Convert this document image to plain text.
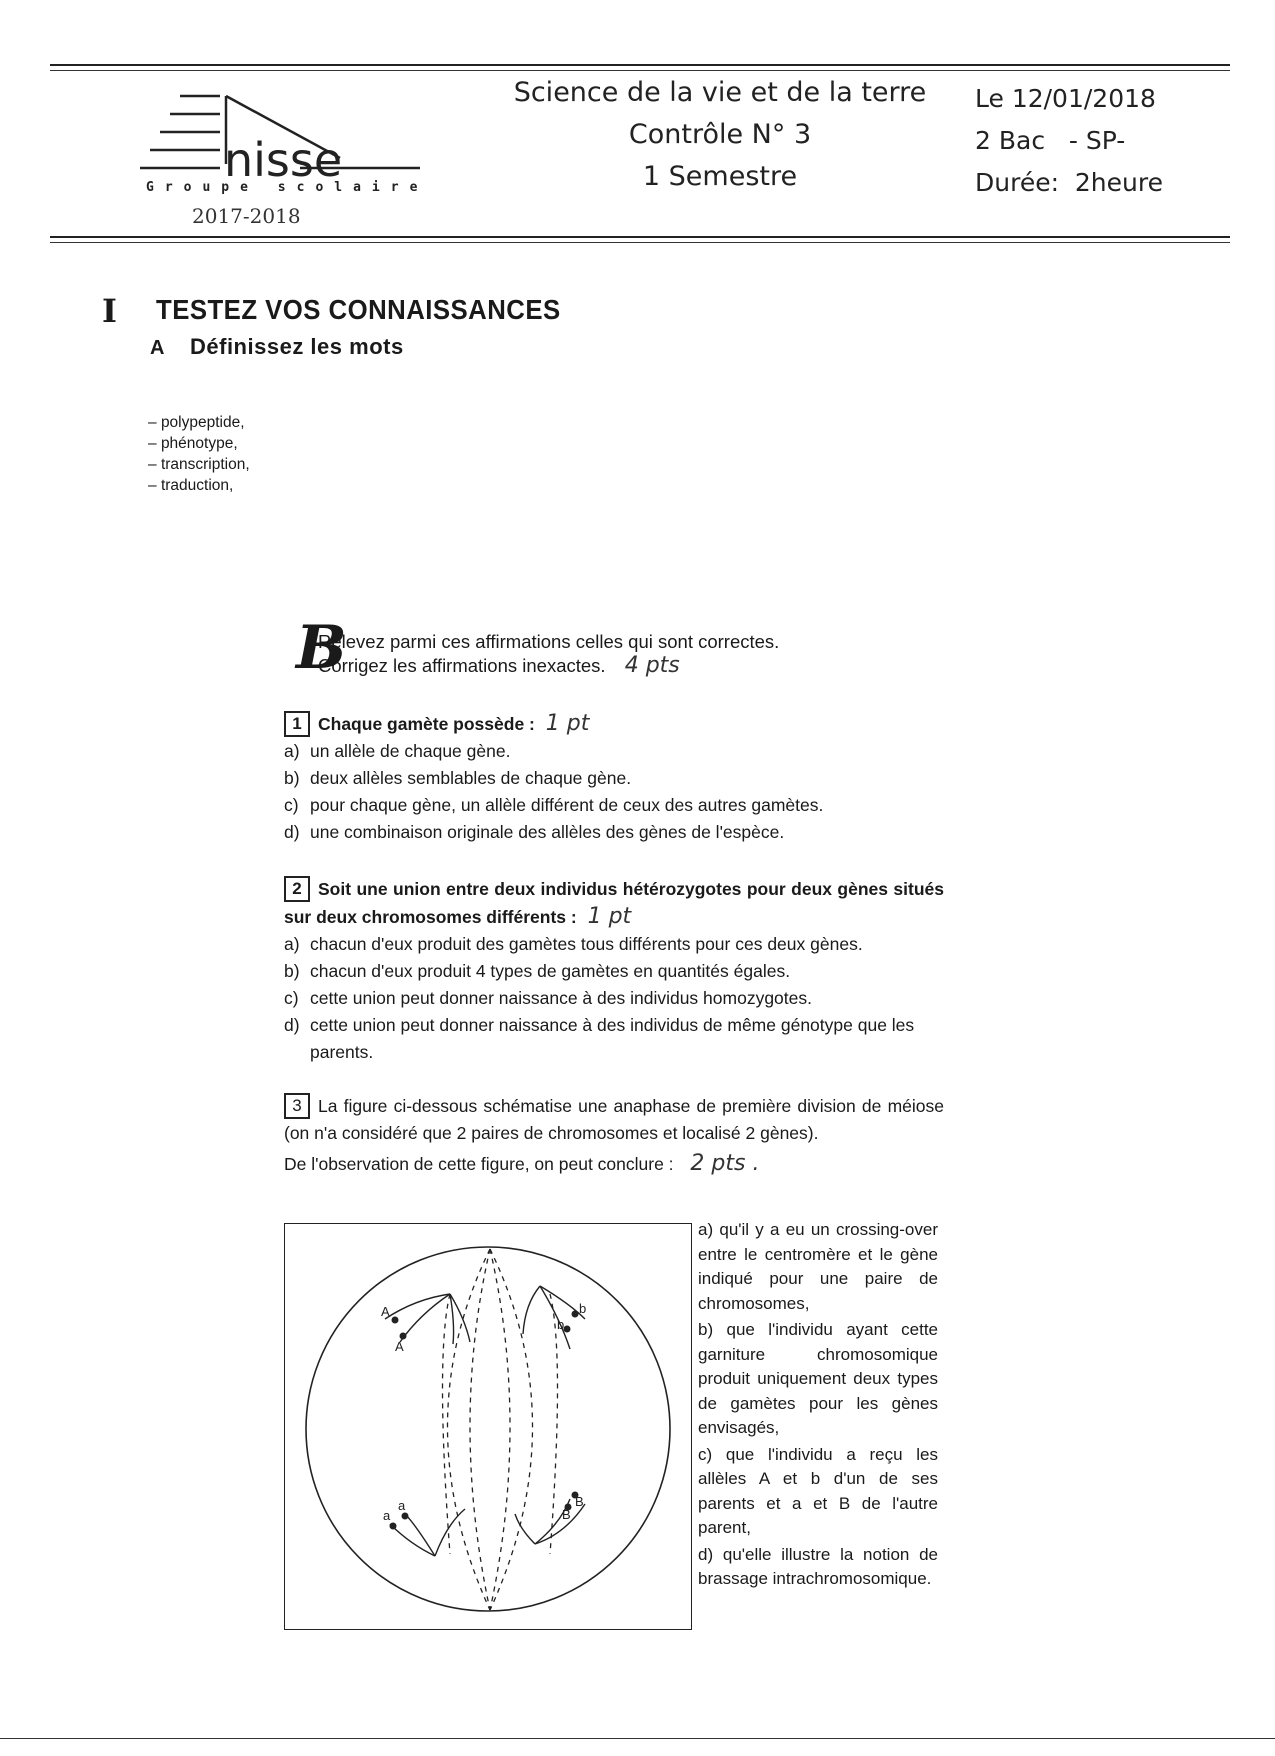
nisse
Groupe scolaire
2017-2018
Science de la vie et de la terre
Contrôle N° 3
1 Semestre
Le 12/01/2018
2 Bac   - SP-
Durée:  2heure
I TESTEZ VOS CONNAISSANCES
A Définissez les mots
– polypeptide,
– phénotype,
– transcription,
– traduction,
B
Relevez parmi ces affirmations celles qui sont correctes.
Corrigez les affirmations inexactes. 4 pts
1 Chaque gamète possède : 1 pt
a) un allèle de chaque gène.
b) deux allèles semblables de chaque gène.
c) pour chaque gène, un allèle différent de ceux des autres gamètes.
d) une combinaison originale des allèles des gènes de l'espèce.
2 Soit une union entre deux individus hétérozygotes pour deux gènes situés sur deux chromosomes différents : 1 pt
a) chacun d'eux produit des gamètes tous différents pour ces deux gènes.
b) chacun d'eux produit 4 types de gamètes en quantités égales.
c) cette union peut donner naissance à des individus homozygotes.
d) cette union peut donner naissance à des individus de même génotype que les parents.
3 La figure ci-dessous schématise une anaphase de première division de méiose (on n'a considéré que 2 paires de chromosomes et localisé 2 gènes).
De l'observation de cette figure, on peut conclure : 2 pts .
A
A
b
b
a
a	B
B

a) qu'il y a eu un crossing-over entre le centromère et le gène indiqué pour une paire de chromosomes,

b) que l'individu ayant cette garniture chromosomique produit uniquement deux types de gamètes pour les gènes envisagés,

c) que l'individu a reçu les allèles A et b d'un de ses parents et a et B de l'autre parent,

d) qu'elle illustre la notion de brassage intrachromosomique.
